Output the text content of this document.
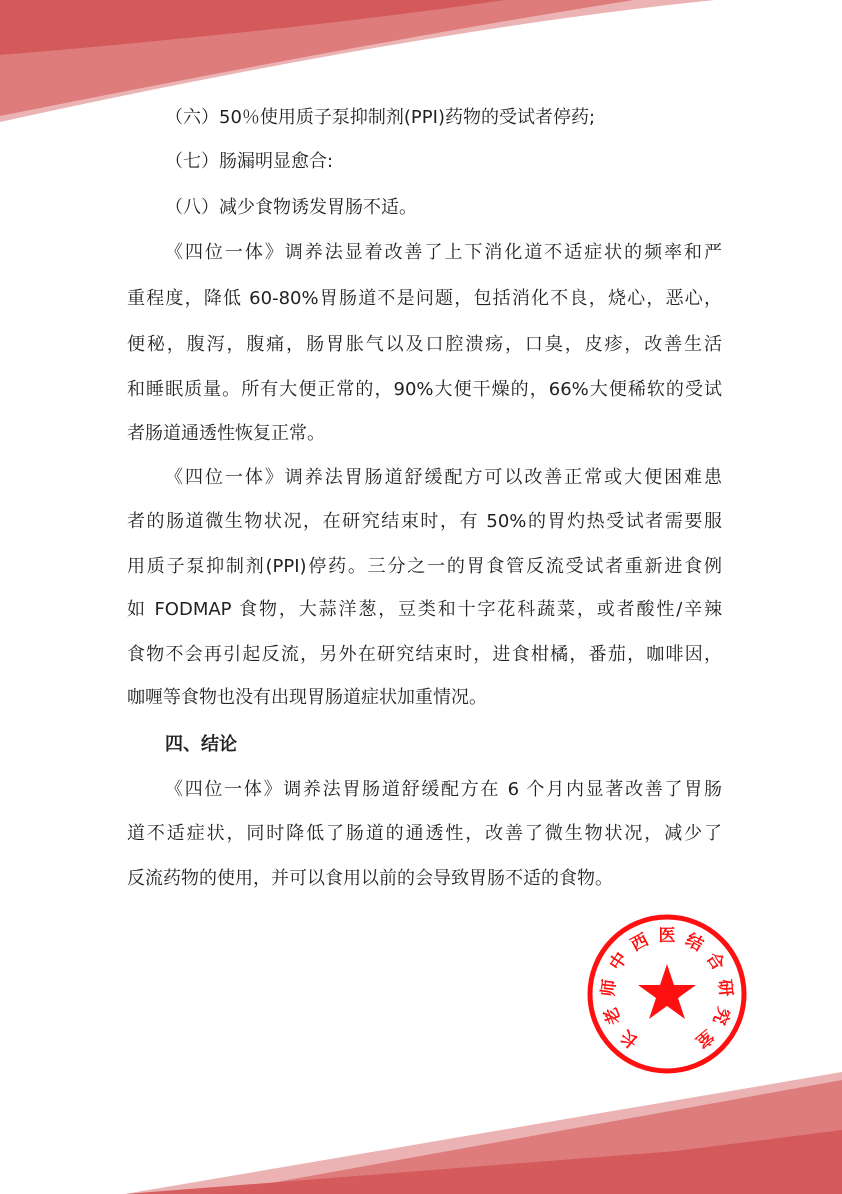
（六）50％使用质子泵抑制剂(PPI)药物的受试者停药;
（七）肠漏明显愈合:
（八）减少食物诱发胃肠不适。
《四位一体》调养法显着改善了上下消化道不适症状的频率和严
重程度，降低 60-80%胃肠道不是问题，包括消化不良，烧心，恶心，
便秘，腹泻，腹痛，肠胃胀气以及口腔溃疡，口臭，皮疹，改善生活
和睡眠质量。所有大便正常的，90%大便干燥的，66%大便稀软的受试
者肠道通透性恢复正常。
《四位一体》调养法胃肠道舒缓配方可以改善正常或大便困难患
者的肠道微生物状况，在研究结束时，有 50%的胃灼热受试者需要服
用质子泵抑制剂(PPI)停药。三分之一的胃食管反流受试者重新进食例
如 FODMAP 食物，大蒜洋葱，豆类和十字花科蔬菜，或者酸性/辛辣
食物不会再引起反流，另外在研究结束时，进食柑橘，番茄，咖啡因，
咖喱等食物也没有出现胃肠道症状加重情况。
四、结论
《四位一体》调养法胃肠道舒缓配方在 6 个月内显著改善了胃肠
道不适症状，同时降低了肠道的通透性，改善了微生物状况，减少了
反流药物的使用，并可以食用以前的会导致胃肠不适的食物。
长
老
师
中
西 医 结
合
研
究
室
